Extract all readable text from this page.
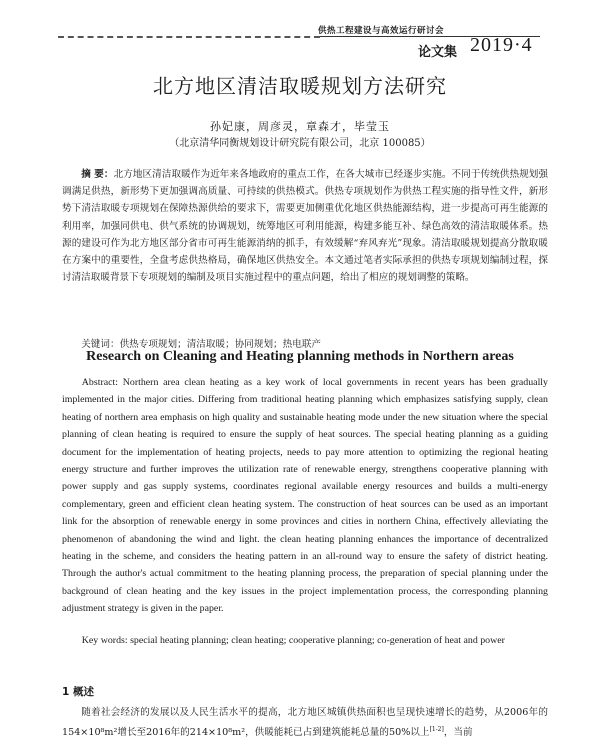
供热工程建设与高效运行研讨会
论文集 2019·4
北方地区清洁取暖规划方法研究
孙妃康，周彦灵，章森才，毕莹玉
（北京清华同衡规划设计研究院有限公司，北京 100085）

摘 要：北方地区清洁取暖作为近年来各地政府的重点工作，在各大城市已经逐步实施。不同于传统供热规划强调满足供热，新形势下更加强调高质量、可持续的供热模式。供热专项规划作为供热工程实施的指导性文件，新形势下清洁取暖专项规划在保障热源供给的要求下，需要更加侧重优化地区供热能源结构，进一步提高可再生能源的利用率，加强同供电、供气系统的协调规划，统筹地区可利用能源，构建多能互补、绿色高效的清洁取暖体系。热源的建设可作为北方地区部分省市可再生能源消纳的抓手，有效缓解“弃风弃光”现象。清洁取暖规划提高分散取暖在方案中的重要性，全盘考虑供热格局，确保地区供热安全。本文通过笔者实际承担的供热专项规划编制过程，探讨清洁取暖背景下专项规划的编制及项目实施过程中的重点问题，给出了相应的规划调整的策略。

关键词：供热专项规划；清洁取暖；协同规划；热电联产

Research on Cleaning and Heating planning methods in Northern areas

Abstract: Northern area clean heating as a key work of local governments in recent years has been gradually implemented in the major cities. Differing from traditional heating planning which emphasizes satisfying supply, clean heating of northern area emphasis on high quality and sustainable heating mode under the new situation where the special planning of clean heating is required to ensure the supply of heat sources. The special heating planning as a guiding document for the implementation of heating projects, needs to pay more attention to optimizing the regional heating energy structure and further improves the utilization rate of renewable energy, strengthens cooperative planning with power supply and gas supply systems, coordinates regional available energy resources and builds a multi-energy complementary, green and efficient clean heating system. The construction of heat sources can be used as an important link for the absorption of renewable energy in some provinces and cities in northern China, effectively alleviating the phenomenon of abandoning the wind and light. the clean heating planning enhances the importance of decentralized heating in the scheme, and considers the heating pattern in an all-round way to ensure the safety of district heating. Through the author's actual commitment to the heating planning process, the preparation of special planning under the background of clean heating and the key issues in the project implementation process, the corresponding planning adjustment strategy is given in the paper.

Key words: special heating planning; clean heating; cooperative planning; co-generation of heat and power

1 概述

随着社会经济的发展以及人民生活水平的提高，北方地区城镇供热面积也呈现快速增长的趋势，从2006年的154×10⁸m²增长至2016年的214×10⁸m²，供暖能耗已占到建筑能耗总量的50%以上[1-2]，当前
